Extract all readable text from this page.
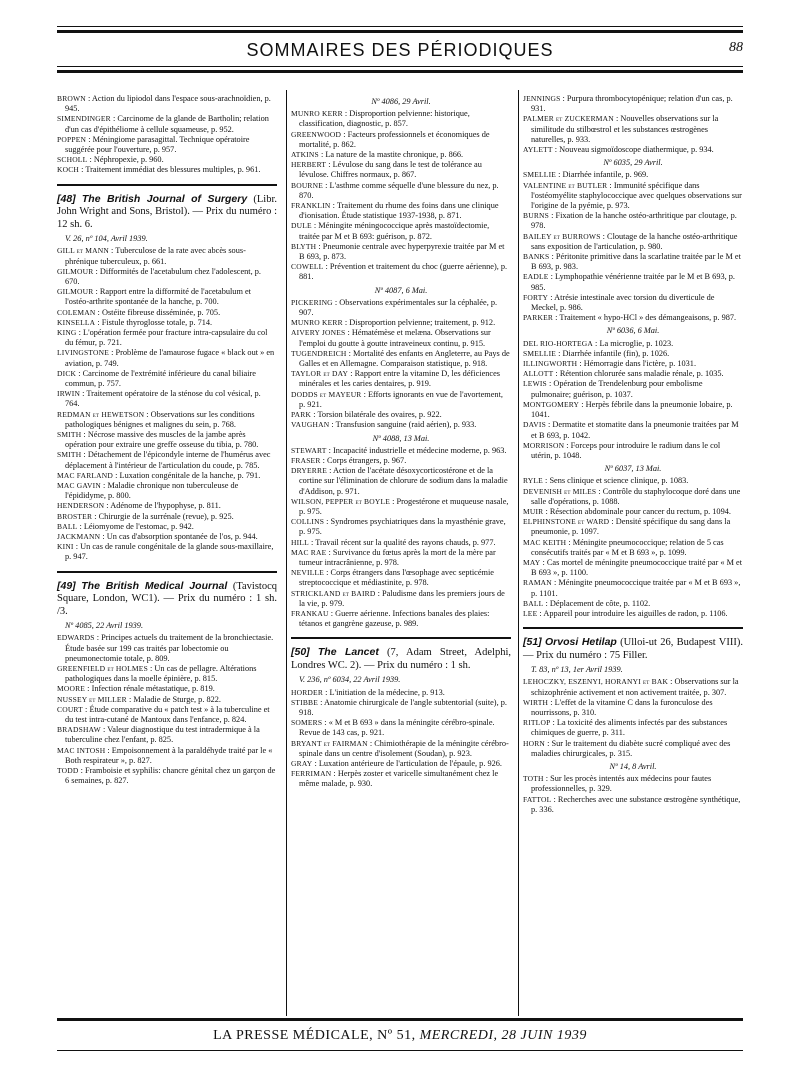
SOMMAIRES DES PÉRIODIQUES	88

BROWN : Action du lipiodol dans l'espace sous-arachnoïdien, p. 945.

SIMENDINGER : Carcinome de la glande de Bartholin; relation d'un cas d'épithéliome à cellule squameuse, p. 952.

POPPEN : Méningiome parasagittal. Technique opératoire suggérée pour l'ouverture, p. 957.

SCHOLL : Néphropexie, p. 960.

KOCH : Traitement immédiat des blessures multiples, p. 961.

[48] The British Journal of Surgery (Libr. John Wright and Sons, Bristol). — Prix du numéro : 12 sh. 6.
V. 26, nº 104, Avril 1939.

GILL et MANN : Tuberculose de la rate avec abcès sous-phrénique tuberculeux, p. 661.

GILMOUR : Difformités de l'acetabulum chez l'adolescent, p. 670.

GILMOUR : Rapport entre la difformité de l'acetabulum et l'ostéo-arthrite spontanée de la hanche, p. 700.

COLEMAN : Ostéite fibreuse disséminée, p. 705.

KINSELLA : Fistule thyroglosse totale, p. 714.

KING : L'opération fermée pour fracture intra-capsulaire du col du fémur, p. 721.

LIVINGSTONE : Problème de l'amaurose fugace « black out » en aviation, p. 749.

DICK : Carcinome de l'extrémité inférieure du canal biliaire commun, p. 757.

IRWIN : Traitement opératoire de la sténose du col vésical, p. 764.

REDMAN et HEWETSON : Observations sur les conditions pathologiques bénignes et malignes du sein, p. 768.

SMITH : Nécrose massive des muscles de la jambe après opération pour extraire une greffe osseuse du tibia, p. 780.

SMITH : Détachement de l'épicondyle interne de l'humérus avec déplacement à l'intérieur de l'articulation du coude, p. 785.

MAC FARLAND : Luxation congénitale de la hanche, p. 791.

MAC GAVIN : Maladie chronique non tuberculeuse de l'épididyme, p. 800.

HENDERSON : Adénome de l'hypophyse, p. 811.

BROSTER : Chirurgie de la surrénale (revue), p. 925.

BALL : Léiomyome de l'estomac, p. 942.

JACKMANN : Un cas d'absorption spontanée de l'os, p. 944.

KINI : Un cas de ranule congénitale de la glande sous-maxillaire, p. 947.

[49] The British Medical Journal (Tavistocq Square, London, WC1). — Prix du numéro : 1 sh. /3.
Nº 4085, 22 Avril 1939.

EDWARDS : Principes actuels du traitement de la bronchiectasie. Étude basée sur 199 cas traités par lobectomie ou pneumonectomie totale, p. 809.

GREENFIELD et HOLMES : Un cas de pellagre. Altérations pathologiques dans la moelle épinière, p. 815.

MOORE : Infection rénale métastatique, p. 819.

NUSSEY et MILLER : Maladie de Sturge, p. 822.

COURT : Étude comparative du « patch test » à la tuberculine et du test intra-cutané de Mantoux dans l'enfance, p. 824.

BRADSHAW : Valeur diagnostique du test intradermique à la tuberculine chez l'enfant, p. 825.

MAC INTOSH : Empoisonnement à la paraldéhyde traité par le « Both respirateur », p. 827.

TODD : Framboisie et syphilis: chancre génital chez un garçon de 6 semaines, p. 827.

Nº 4086, 29 Avril.

MUNRO KERR : Disproportion pelvienne: historique, classification, diagnostic, p. 857.

GREENWOOD : Facteurs professionnels et économiques de mortalité, p. 862.

ATKINS : La nature de la mastite chronique, p. 866.

HERBERT : Lévulose du sang dans le test de tolérance au lévulose. Chiffres normaux, p. 867.

BOURNE : L'asthme comme séquelle d'une blessure du nez, p. 870.

FRANKLIN : Traitement du rhume des foins dans une clinique d'ionisation. Étude statistique 1937-1938, p. 871.

DULE : Méningite méningococcique après mastoïdectomie, traitée par M et B 693: guérison, p. 872.

BLYTH : Pneumonie centrale avec hyperpyrexie traitée par M et B 693, p. 873.

COWELL : Prévention et traitement du choc (guerre aérienne), p. 881.

Nº 4087, 6 Mai.

PICKERING : Observations expérimentales sur la céphalée, p. 907.

MUNRO KERR : Disproportion pelvienne; traitement, p. 912.

AIVERY JONES : Hématémèse et melæna. Observations sur l'emploi du goutte à goutte intraveineux continu, p. 915.

TUGENDREICH : Mortalité des enfants en Angleterre, au Pays de Galles et en Allemagne. Comparaison statistique, p. 918.

TAYLOR et DAY : Rapport entre la vitamine D, les déficiences minérales et les caries dentaires, p. 919.

DODDS et MAYEUR : Efforts ignorants en vue de l'avortement, p. 921.

PARK : Torsion bilatérale des ovaires, p. 922.

VAUGHAN : Transfusion sanguine (raid aérien), p. 933.

Nº 4088, 13 Mai.

STEWART : Incapacité industrielle et médecine moderne, p. 963.

FRASER : Corps étrangers, p. 967.

DRYERRE : Action de l'acétate désoxycorticostérone et de la cortine sur l'élimination de chlorure de sodium dans la maladie d'Addison, p. 971.

WILSON, PEPPER et BOYLE : Progestérone et muqueuse nasale, p. 975.

COLLINS : Syndromes psychiatriques dans la myasthénie grave, p. 975.

HILL : Travail récent sur la qualité des rayons chauds, p. 977.

MAC RAE : Survivance du fœtus après la mort de la mère par tumeur intracrânienne, p. 978.

NEVILLE : Corps étrangers dans l'œsophage avec septicémie streptococcique et médiastinite, p. 978.

STRICKLAND et BAIRD : Paludisme dans les premiers jours de la vie, p. 979.

FRANKAU : Guerre aérienne. Infections banales des plaies: tétanos et gangrène gazeuse, p. 989.

[50] The Lancet (7, Adam Street, Adelphi, Londres WC. 2). — Prix du numéro : 1 sh.
V. 236, nº 6034, 22 Avril 1939.

HORDER : L'initiation de la médecine, p. 913.

STIBBE : Anatomie chirurgicale de l'angle subtentorial (suite), p. 918.

SOMERS : « M et B 693 » dans la méningite cérébro-spinale. Revue de 143 cas, p. 921.

BRYANT et FAIRMAN : Chimiothérapie de la méningite cérébro-spinale dans un centre d'isolement (Soudan), p. 923.

GRAY : Luxation antérieure de l'articulation de l'épaule, p. 926.

FERRIMAN : Herpès zoster et varicelle simultanément chez le même malade, p. 930.

JENNINGS : Purpura thrombocytopénique; relation d'un cas, p. 931.

PALMER et ZUCKERMAN : Nouvelles observations sur la similitude du stilbœstrol et les substances œstrogènes naturelles, p. 933.

AYLETT : Nouveau sigmoïdoscope diathermique, p. 934.

Nº 6035, 29 Avril.

SMELLIE : Diarrhée infantile, p. 969.

VALENTINE et BUTLER : Immunité spécifique dans l'ostéomyélite staphylococcique avec quelques observations sur l'origine de la pyémie, p. 973.

BURNS : Fixation de la hanche ostéo-arthritique par cloutage, p. 978.

BAILEY et BURROWS : Cloutage de la hanche ostéo-arthritique sans exposition de l'articulation, p. 980.

BANKS : Péritonite primitive dans la scarlatine traitée par le M et B 693, p. 983.

EADLE : Lymphopathie vénérienne traitée par le M et B 693, p. 985.

FORTY : Atrésie intestinale avec torsion du diverticule de Meckel, p. 986.

PARKER : Traitement « hypo-HCl » des démangeaisons, p. 987.

Nº 6036, 6 Mai.

DEL RIO-HORTEGA : La microglie, p. 1023.

SMELLIE : Diarrhée infantile (fin), p. 1026.

ILLINGWORTH : Hémorragie dans l'ictère, p. 1031.

ALLOTT : Rétention chlorurée sans maladie rénale, p. 1035.

LEWIS : Opération de Trendelenburg pour embolisme pulmonaire; guérison, p. 1037.

MONTGOMERY : Herpès fébrile dans la pneumonie lobaire, p. 1041.

DAVIS : Dermatite et stomatite dans la pneumonie traitées par M et B 693, p. 1042.

MORRISON : Forceps pour introduire le radium dans le col utérin, p. 1048.

Nº 6037, 13 Mai.

RYLE : Sens clinique et science clinique, p. 1083.

DEVENISH et MILES : Contrôle du staphylocoque doré dans une salle d'opérations, p. 1088.

MUIR : Résection abdominale pour cancer du rectum, p. 1094.

ELPHINSTONE et WARD : Densité spécifique du sang dans la pneumonie, p. 1097.

MAC KEITH : Méningite pneumococcique; relation de 5 cas consécutifs traités par « M et B 693 », p. 1099.

MAY : Cas mortel de méningite pneumococcique traité par « M et B 693 », p. 1100.

RAMAN : Méningite pneumococcique traitée par « M et B 693 », p. 1101.

BALL : Déplacement de côte, p. 1102.

LEE : Appareil pour introduire les aiguilles de radon, p. 1106.

[51] Orvosi Hetilap (Ulloi-ut 26, Budapest VIII). — Prix du numéro : 75 Filler.
T. 83, nº 13, 1er Avril 1939.

LEHOCZKY, ESZENYI, HORANYI et BAK : Observations sur la schizophrénie activement et non activement traitée, p. 307.

WIRTH : L'effet de la vitamine C dans la furonculose des nourrissons, p. 310.

RITLOP : La toxicité des aliments infectés par des substances chimiques de guerre, p. 311.

HORN : Sur le traitement du diabète sucré compliqué avec des maladies chirurgicales, p. 315.

Nº 14, 8 Avril.

TOTH : Sur les procès intentés aux médecins pour fautes professionnelles, p. 329.

FATTOL : Recherches avec une substance œstrogène synthétique, p. 336.

LA PRESSE MÉDICALE, Nº 51, MERCREDI, 28 JUIN 1939
